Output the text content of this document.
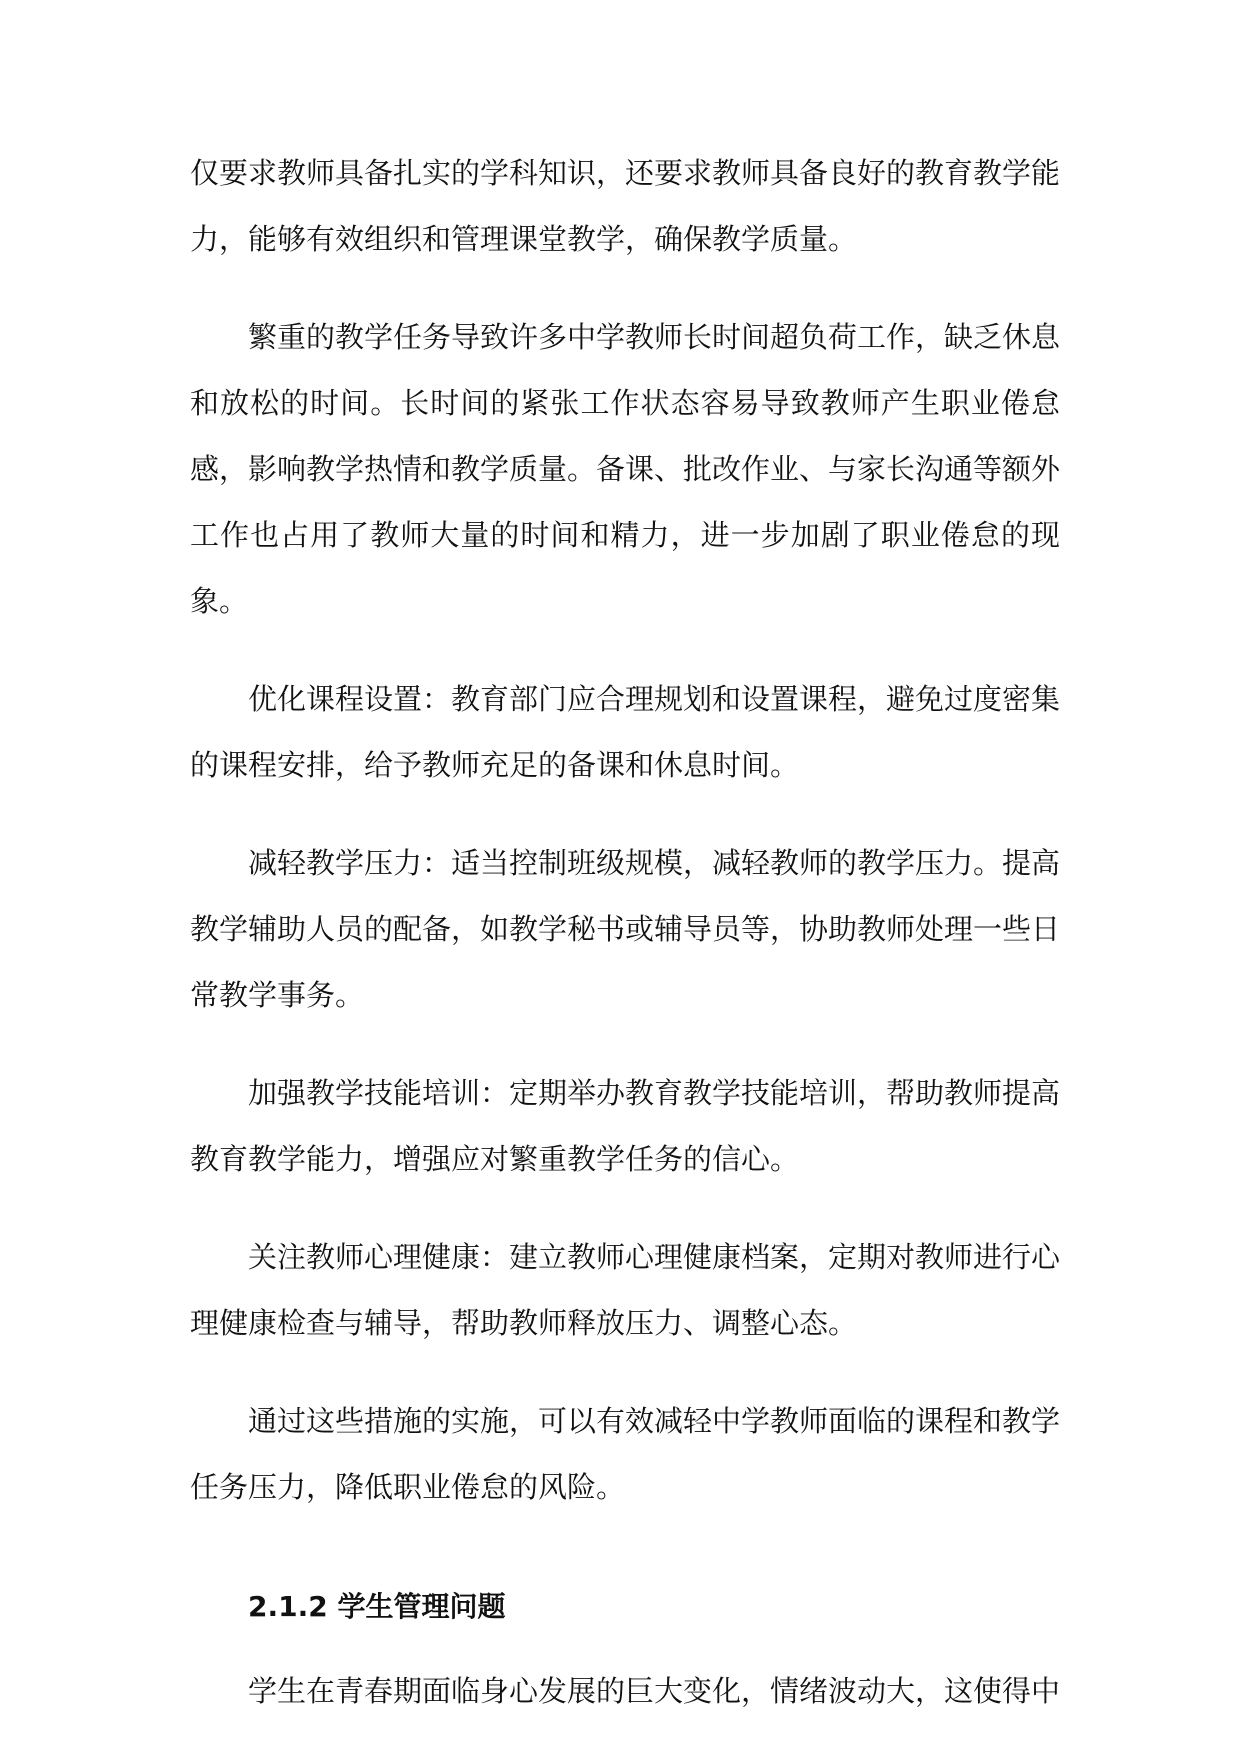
仅要求教师具备扎实的学科知识，还要求教师具备良好的教育教学能力，能够有效组织和管理课堂教学，确保教学质量。

繁重的教学任务导致许多中学教师长时间超负荷工作，缺乏休息和放松的时间。长时间的紧张工作状态容易导致教师产生职业倦怠感，影响教学热情和教学质量。备课、批改作业、与家长沟通等额外工作也占用了教师大量的时间和精力，进一步加剧了职业倦怠的现象。

优化课程设置：教育部门应合理规划和设置课程，避免过度密集的课程安排，给予教师充足的备课和休息时间。

减轻教学压力：适当控制班级规模，减轻教师的教学压力。提高教学辅助人员的配备，如教学秘书或辅导员等，协助教师处理一些日常教学事务。

加强教学技能培训：定期举办教育教学技能培训，帮助教师提高教育教学能力，增强应对繁重教学任务的信心。

关注教师心理健康：建立教师心理健康档案，定期对教师进行心理健康检查与辅导，帮助教师释放压力、调整心态。

通过这些措施的实施，可以有效减轻中学教师面临的课程和教学任务压力，降低职业倦怠的风险。

2.1.2 学生管理问题

学生在青春期面临身心发展的巨大变化，情绪波动大，这使得中
